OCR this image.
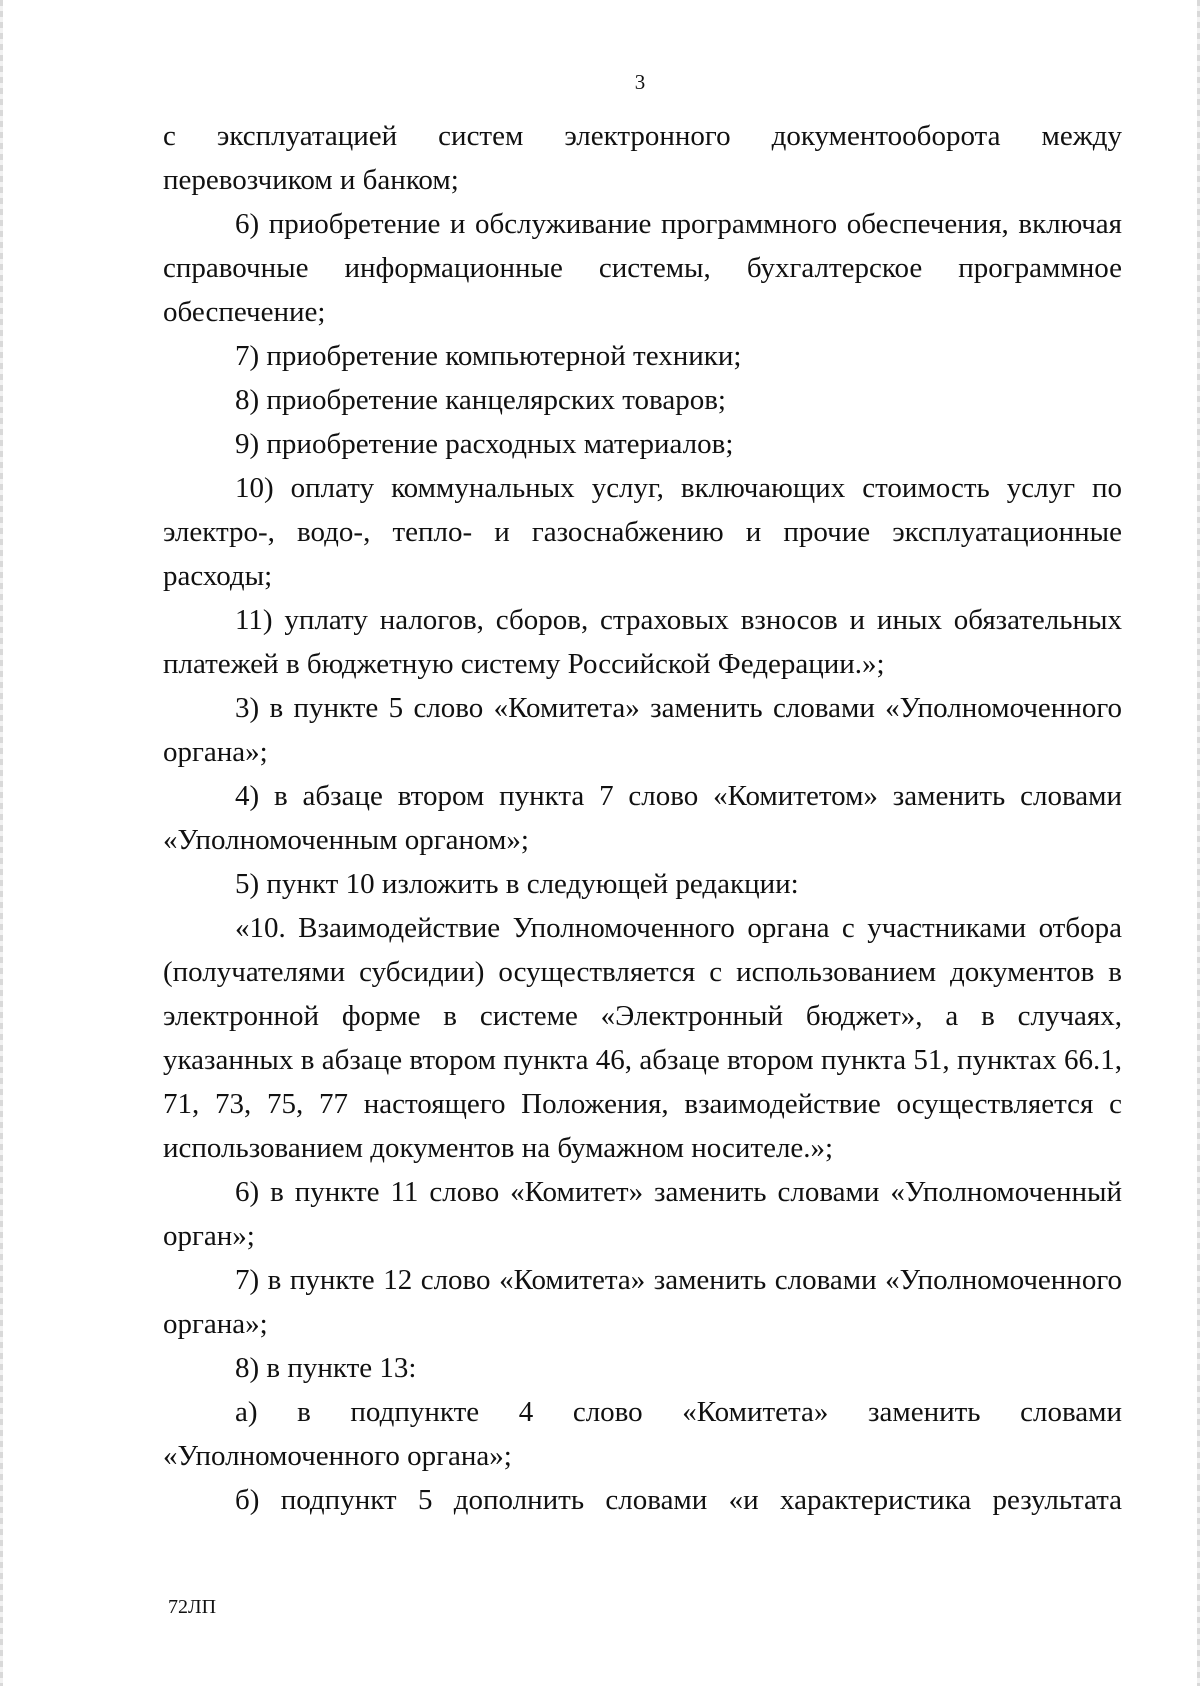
3

с эксплуатацией систем электронного документооборота между перевозчиком и банком;

6) приобретение и обслуживание программного обеспечения, включая справочные информационные системы, бухгалтерское программное обеспечение;

7) приобретение компьютерной техники;

8) приобретение канцелярских товаров;

9) приобретение расходных материалов;

10) оплату коммунальных услуг, включающих стоимость услуг по электро-, водо-, тепло- и газоснабжению и прочие эксплуатационные расходы;

11) уплату налогов, сборов, страховых взносов и иных обязательных платежей в бюджетную систему Российской Федерации.»;

3) в пункте 5 слово «Комитета» заменить словами «Уполномоченного органа»;

4) в абзаце втором пункта 7 слово «Комитетом» заменить словами «Уполномоченным органом»;

5) пункт 10 изложить в следующей редакции:

«10. Взаимодействие Уполномоченного органа с участниками отбора (получателями субсидии) осуществляется с использованием документов в электронной форме в системе «Электронный бюджет», а в случаях, указанных в абзаце втором пункта 46, абзаце втором пункта 51, пунктах 66.1, 71, 73, 75, 77 настоящего Положения, взаимодействие осуществляется с использованием документов на бумажном носителе.»;

6) в пункте 11 слово «Комитет» заменить словами «Уполномоченный орган»;

7) в пункте 12 слово «Комитета» заменить словами «Уполномоченного органа»;

8) в пункте 13:

а) в подпункте 4 слово «Комитета» заменить словами «Уполномоченного органа»;

б) подпункт 5 дополнить словами «и характеристика результата

72ЛП
